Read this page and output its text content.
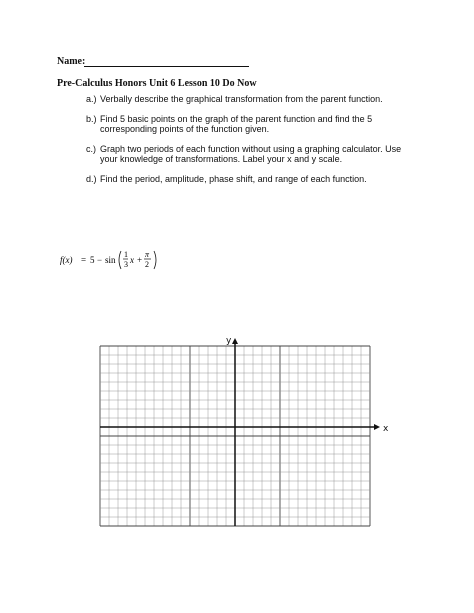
Name:
Pre-Calculus Honors Unit 6 Lesson 10 Do Now
a.) Verbally describe the graphical transformation from the parent function.
b.) Find 5 basic points on the graph of the parent function and find the 5
corresponding points of the function given.
c.) Graph two periods of each function without using a graphing calculator. Use
your knowledge of transformations. Label your x and y scale.
d.) Find the period, amplitude, phase shift, and range of each function.
f(x) = 5 − sin
1
3 x +
π
2
y
x
